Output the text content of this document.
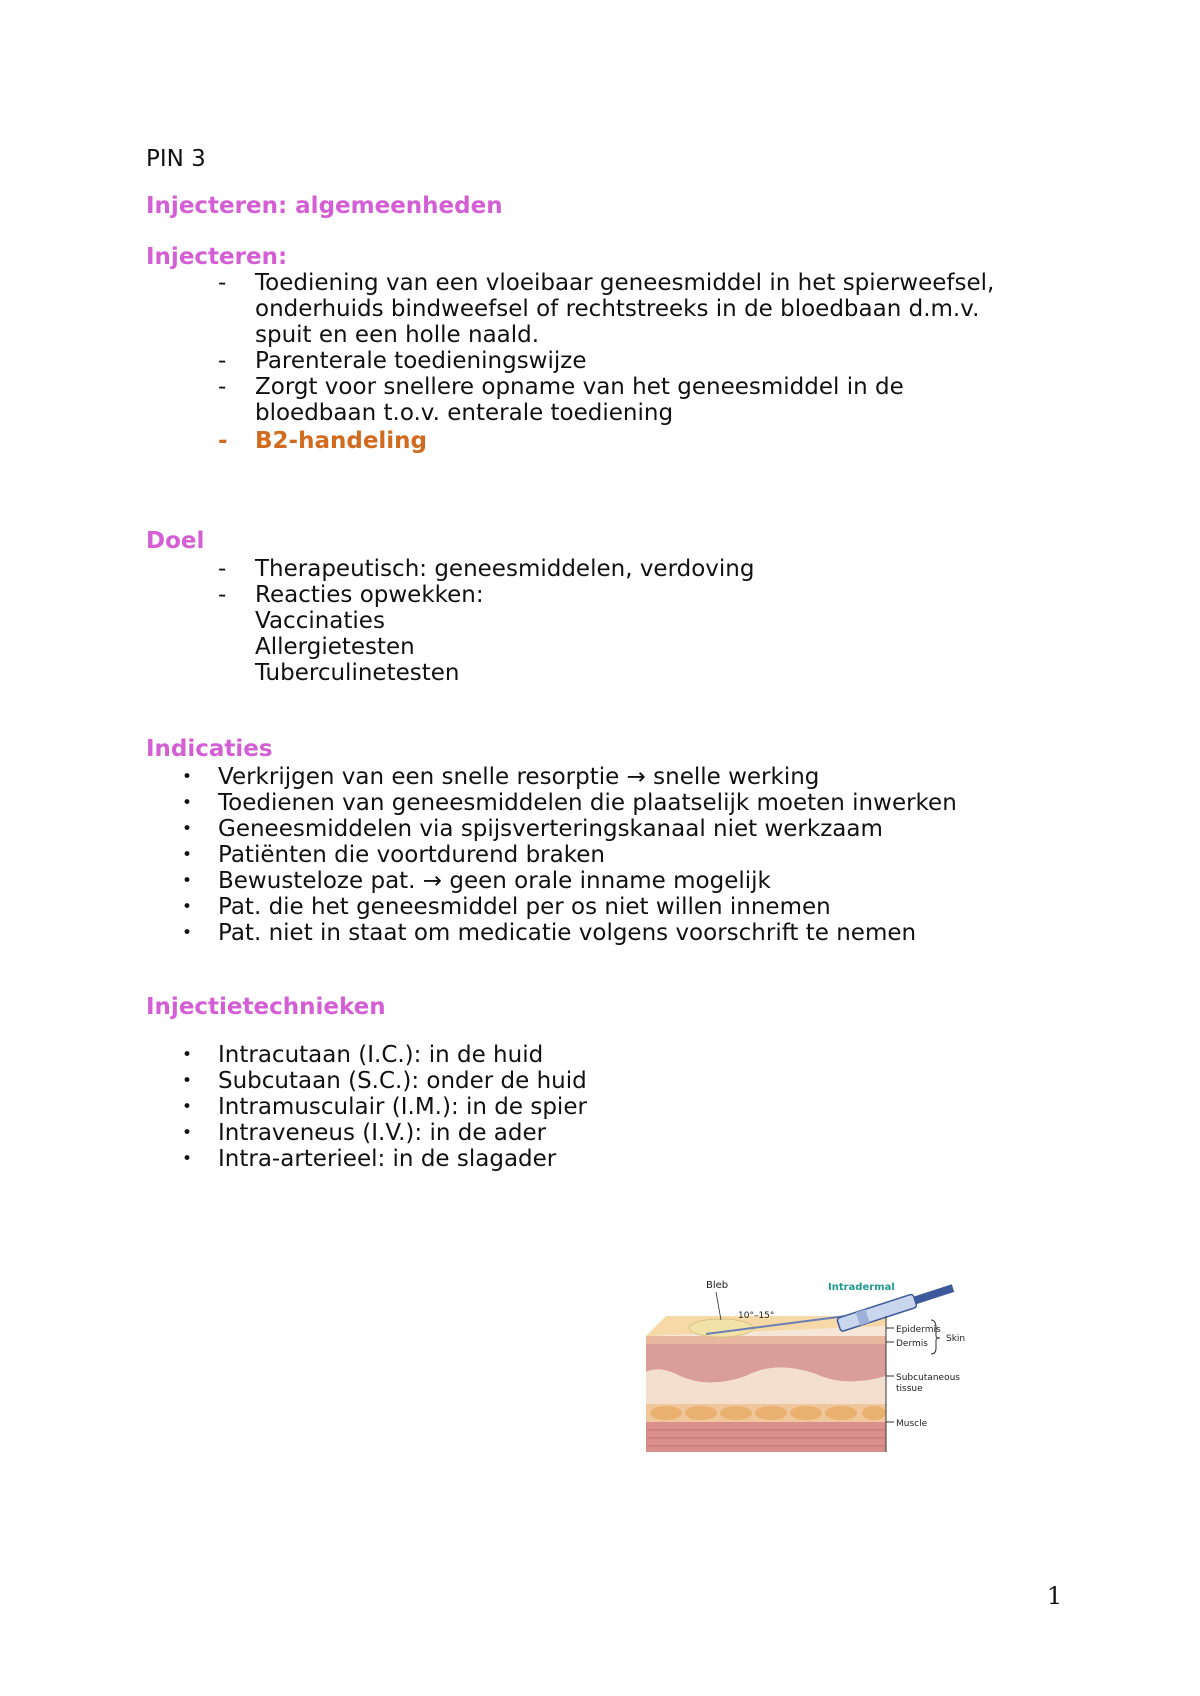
PIN 3
Injecteren: algemeenheden
Injecteren:
- Toediening van een vloeibaar geneesmiddel in het spierweefsel,
onderhuids bindweefsel of rechtstreeks in de bloedbaan d.m.v.
spuit en een holle naald.
- Parenterale toedieningswijze
- Zorgt voor snellere opname van het geneesmiddel in de
bloedbaan t.o.v. enterale toediening
- B2-handeling
Doel
- Therapeutisch: geneesmiddelen, verdoving
- Reacties opwekken:
Vaccinaties
Allergietesten
Tuberculinetesten
Indicaties
• Verkrijgen van een snelle resorptie → snelle werking
• Toedienen van geneesmiddelen die plaatselijk moeten inwerken
• Geneesmiddelen via spijsverteringskanaal niet werkzaam
• Patiënten die voortdurend braken
• Bewusteloze pat. → geen orale inname mogelijk
• Pat. die het geneesmiddel per os niet willen innemen
• Pat. niet in staat om medicatie volgens voorschrift te nemen
Injectietechnieken
• Intracutaan (I.C.): in de huid
• Subcutaan (S.C.): onder de huid
• Intramusculair (I.M.): in de spier
• Intraveneus (I.V.): in de ader
• Intra-arterieel: in de slagader
Bleb	Intradermal
10°–15°
Epidermis
Dermis Skin
Subcutaneous
tissue
Muscle
1
